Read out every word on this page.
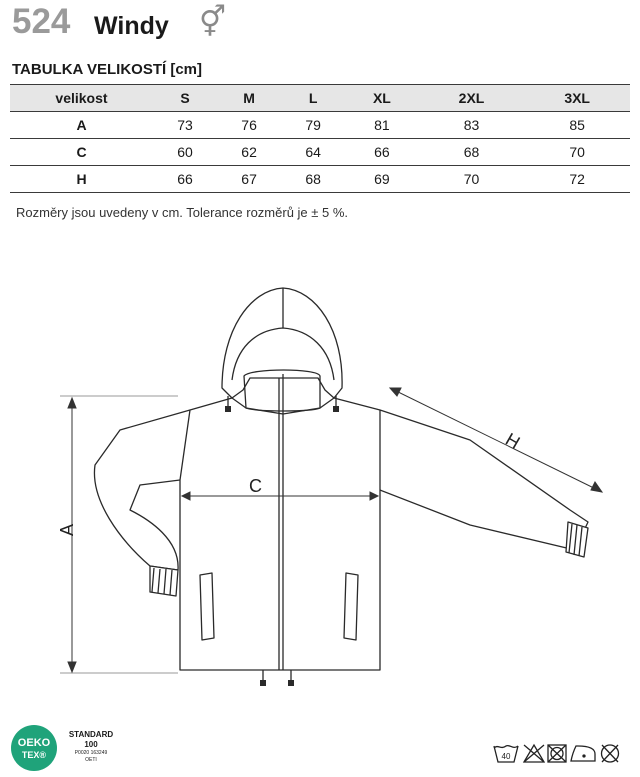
524 Windy ⚥
TABULKA VELIKOSTÍ [cm]
velikost	S	M	L	XL	2XL	3XL
A	73	76	79	81	83	85
C	60	62	64	66	68	70
H	66	67	68	69	70	72
Rozměry jsou uvedeny v cm. Tolerance rozměrů je ± 5 %.
A
C
H
OEKO
TEX®
STANDARD
100
P0020 163249
OETI	40
